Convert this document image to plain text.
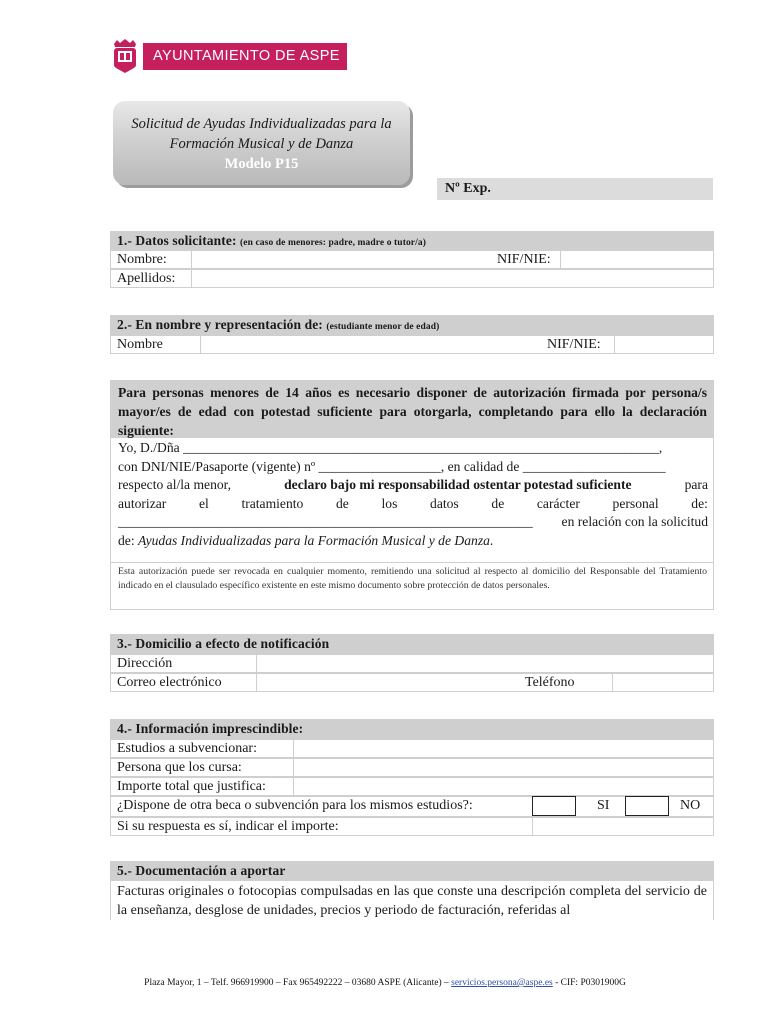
AYUNTAMIENTO DE ASPE
Solicitud de Ayudas Individualizadas para la
Formación Musical y de Danza
Modelo P15
Nº Exp.
1.- Datos solicitante: (en caso de menores: padre, madre o tutor/a)
Nombre:	NIF/NIE:
Apellidos:
2.- En nombre y representación de: (estudiante menor de edad)
Nombre	NIF/NIE:
Para personas menores de 14 años es necesario disponer de autorización firmada por persona/s mayor/es de edad con potestad suficiente para otorgarla, completando para ello la declaración siguiente:
Yo, D./Dña ______________________________________________________________________,
con DNI/NIE/Pasaporte (vigente) nº __________________, en calidad de _____________________
respecto al/la menor,	declaro bajo mi responsabilidad ostentar potestad suficiente	para
autorizar el tratamiento de los datos de carácter personal de:
_____________________________________________________________ en relación con la solicitud
de: Ayudas Individualizadas para la Formación Musical y de Danza.
Esta autorización puede ser revocada en cualquier momento, remitiendo una solicitud al respecto al domicilio del Responsable del Tratamiento indicado en el clausulado específico existente en este mismo documento sobre protección de datos personales.
3.- Domicilio a efecto de notificación
Dirección
Correo electrónico	Teléfono
4.- Información imprescindible:
Estudios a subvencionar:
Persona que los cursa:
Importe total que justifica:
¿Dispone de otra beca o subvención para los mismos estudios?:	SI	NO
Si su respuesta es sí, indicar el importe:
5.- Documentación a aportar
Facturas originales o fotocopias compulsadas en las que conste una descripción completa del servicio de la enseñanza, desglose de unidades, precios y periodo de facturación, referidas al
Plaza Mayor, 1 – Telf. 966919900 – Fax 965492222 – 03680 ASPE (Alicante) – servicios.persona@aspe.es - CIF: P0301900G
